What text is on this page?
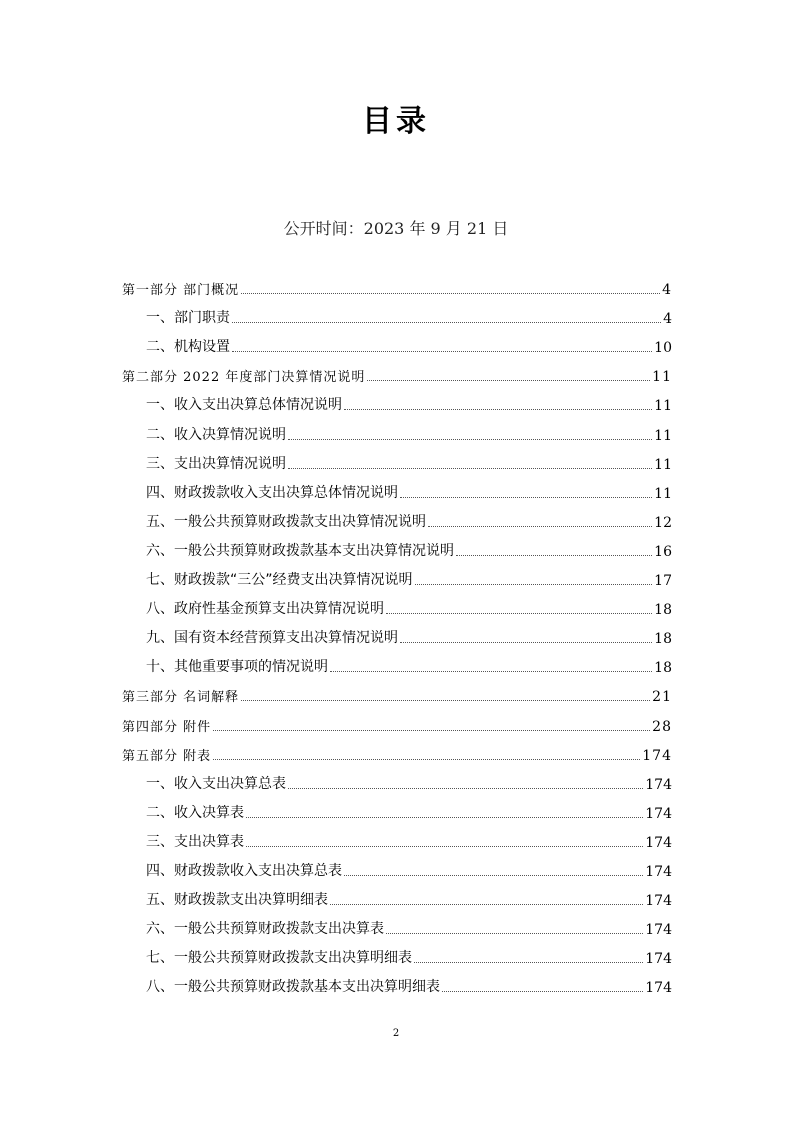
目录
公开时间：2023 年 9 月 21 日
第一部分 部门概况	4
一、部门职责	4
二、机构设置	10
第二部分 2022 年度部门决算情况说明	11
一、收入支出决算总体情况说明	11
二、收入决算情况说明	11
三、支出决算情况说明	11
四、财政拨款收入支出决算总体情况说明	11
五、一般公共预算财政拨款支出决算情况说明	12
六、一般公共预算财政拨款基本支出决算情况说明	16
七、财政拨款“三公”经费支出决算情况说明	17
八、政府性基金预算支出决算情况说明	18
九、国有资本经营预算支出决算情况说明	18
十、其他重要事项的情况说明	18
第三部分 名词解释	21
第四部分 附件	28
第五部分 附表	174
一、收入支出决算总表	174
二、收入决算表	174
三、支出决算表	174
四、财政拨款收入支出决算总表	174
五、财政拨款支出决算明细表	174
六、一般公共预算财政拨款支出决算表	174
七、一般公共预算财政拨款支出决算明细表	174
八、一般公共预算财政拨款基本支出决算明细表	174
2
